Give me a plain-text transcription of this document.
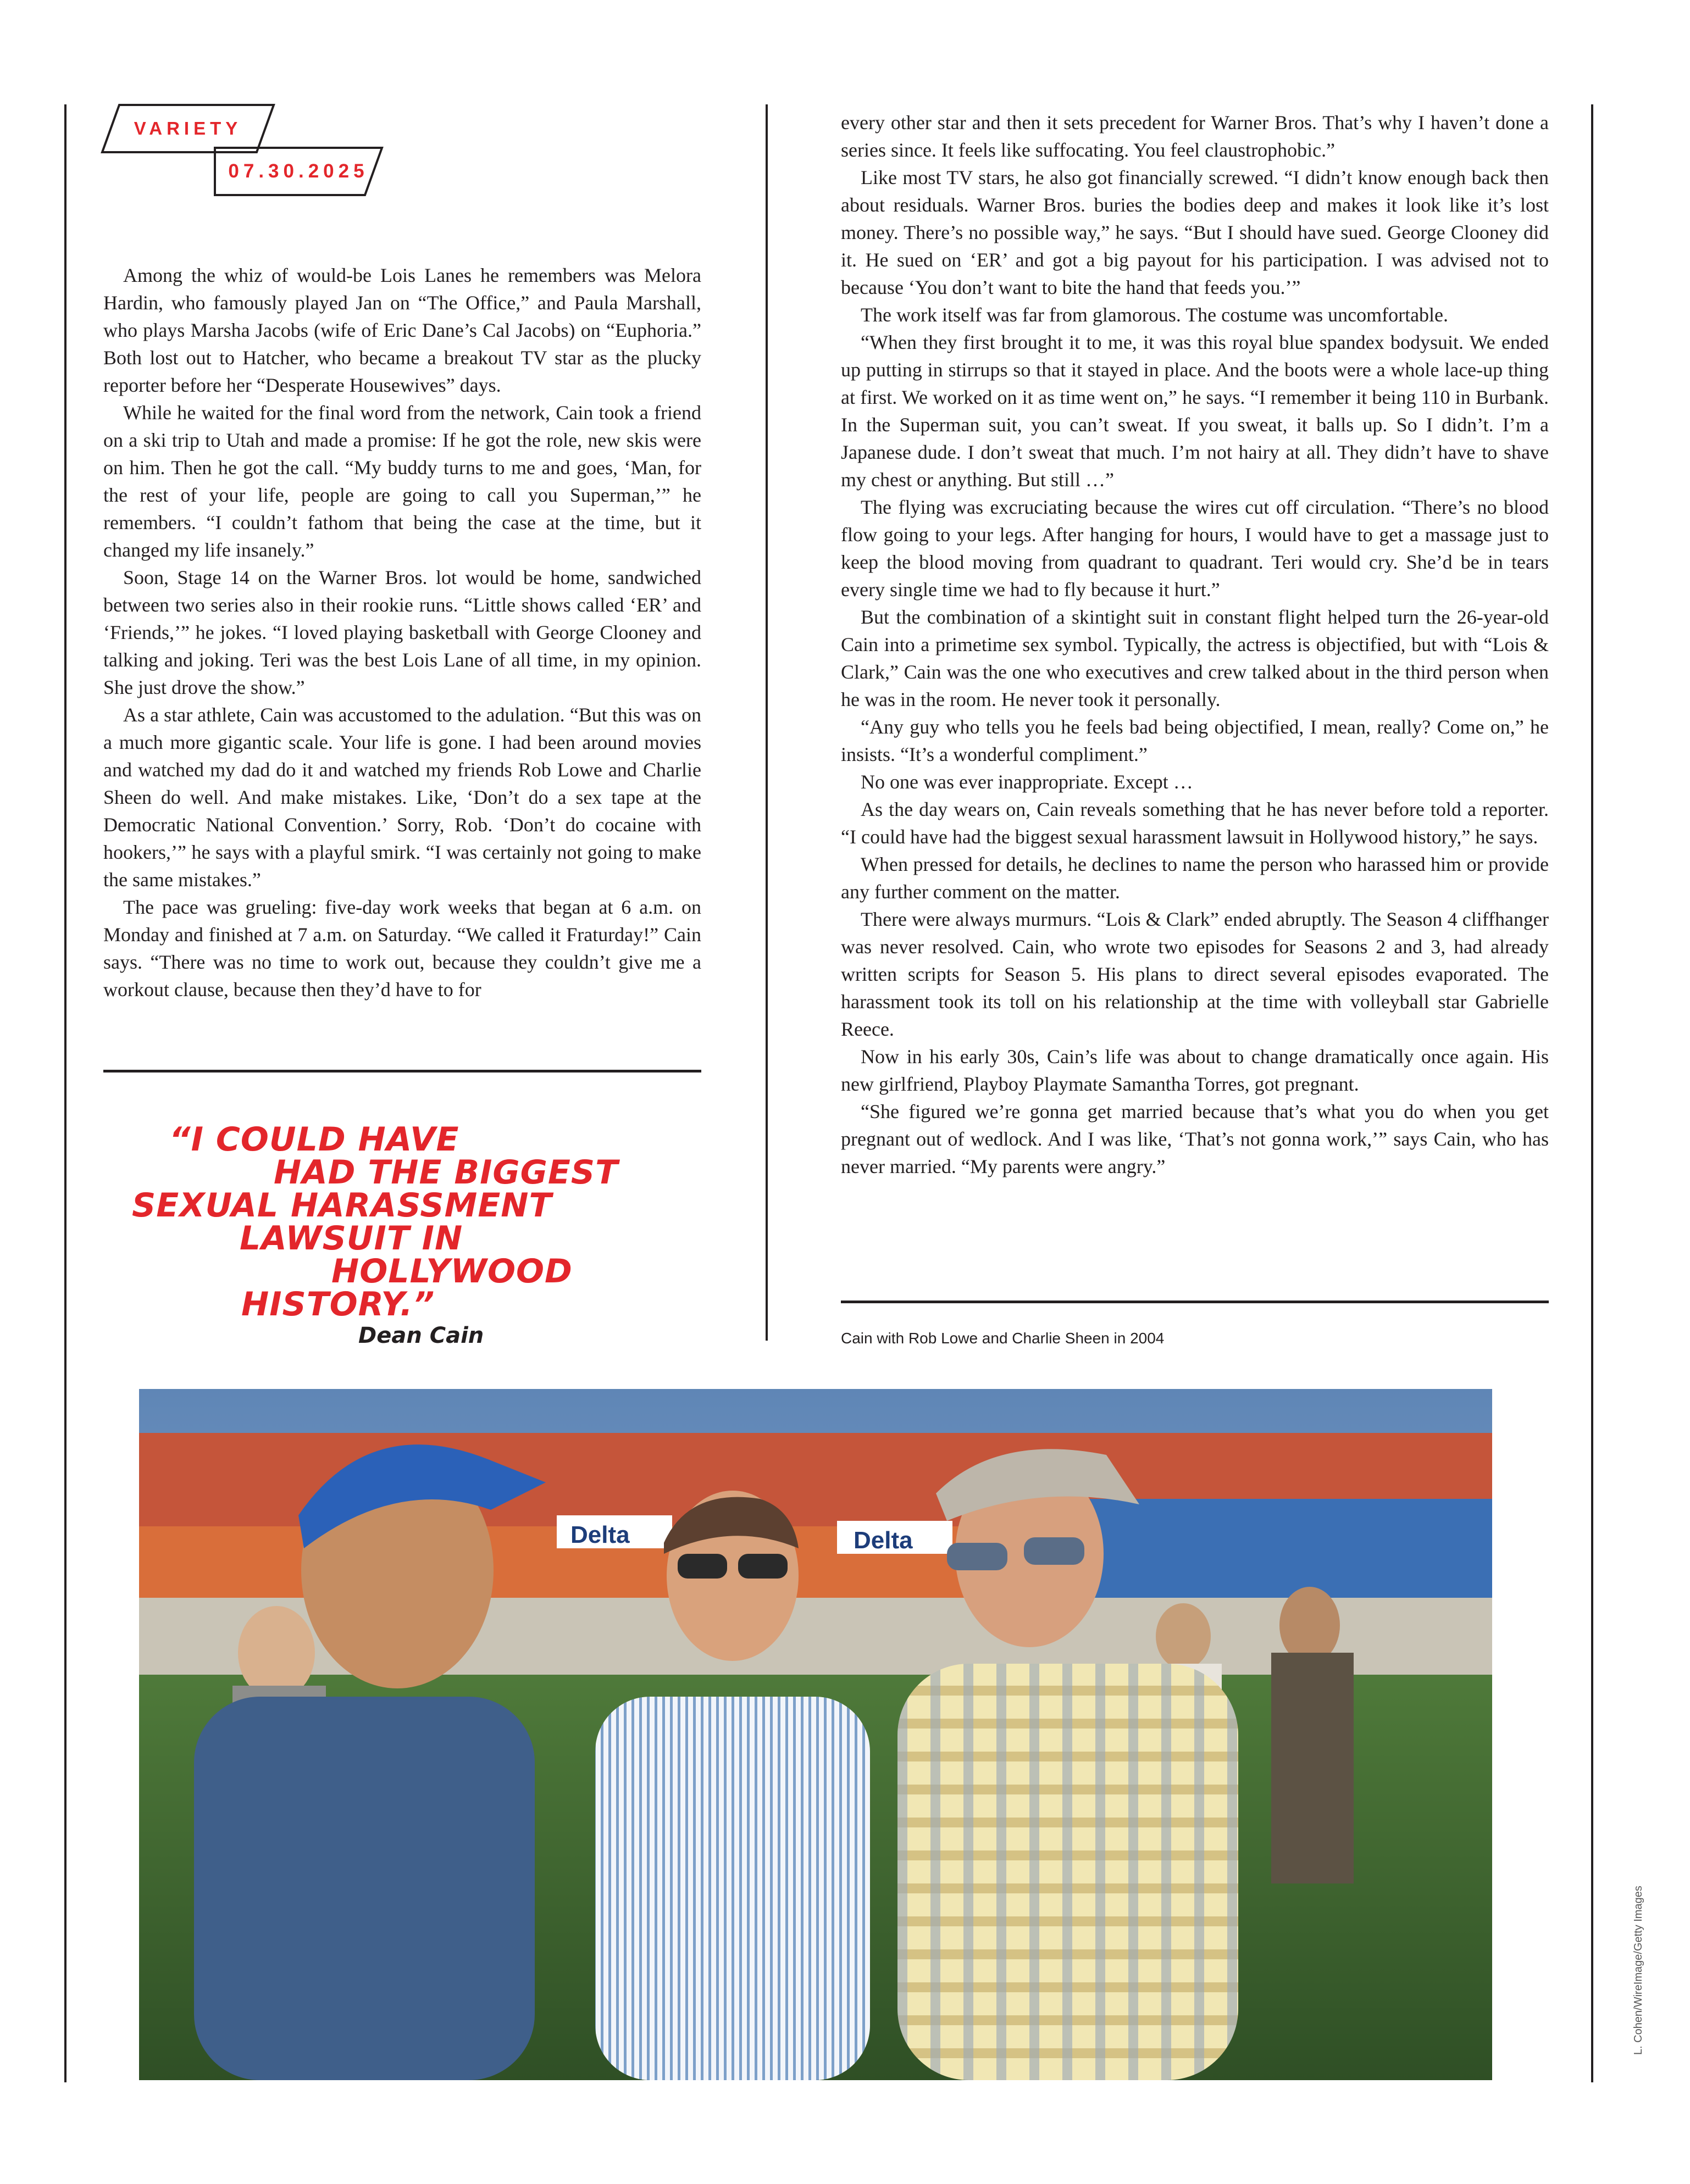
VARIETY
07.30.2025

Among the whiz of would-be Lois Lanes he remembers was Melora Hardin, who famously played Jan on “The Office,” and Paula Marshall, who plays Marsha Jacobs (wife of Eric Dane’s Cal Jacobs) on “Euphoria.” Both lost out to Hatcher, who became a breakout TV star as the plucky reporter before her “Desperate Housewives” days.

While he waited for the final word from the network, Cain took a friend on a ski trip to Utah and made a promise: If he got the role, new skis were on him. Then he got the call. “My buddy turns to me and goes, ‘Man, for the rest of your life, people are going to call you Superman,’” he remembers. “I couldn’t fathom that being the case at the time, but it changed my life insanely.”

Soon, Stage 14 on the Warner Bros. lot would be home, sandwiched between two series also in their rookie runs. “Little shows called ‘ER’ and ‘Friends,’” he jokes. “I loved playing basketball with George Clooney and talking and joking. Teri was the best Lois Lane of all time, in my opinion. She just drove the show.”

As a star athlete, Cain was accustomed to the adulation. “But this was on a much more gigantic scale. Your life is gone. I had been around movies and watched my dad do it and watched my friends Rob Lowe and Charlie Sheen do well. And make mistakes. Like, ‘Don’t do a sex tape at the Democratic National Convention.’ Sorry, Rob. ‘Don’t do cocaine with hookers,’” he says with a playful smirk. “I was certainly not going to make the same mistakes.”

The pace was grueling: five-day work weeks that began at 6 a.m. on Monday and finished at 7 a.m. on Saturday. “We called it Fraturday!” Cain says. “There was no time to work out, because they couldn’t give me a workout clause, because then they’d have to for

“I COULD HAVE
HAD THE BIGGEST
SEXUAL HARASSMENT
LAWSUIT IN
HOLLYWOOD
HISTORY.”
Dean Cain

every other star and then it sets precedent for Warner Bros. That’s why I haven’t done a series since. It feels like suffocating. You feel claustrophobic.”

Like most TV stars, he also got financially screwed. “I didn’t know enough back then about residuals. Warner Bros. buries the bodies deep and makes it look like it’s lost money. There’s no possible way,” he says. “But I should have sued. George Clooney did it. He sued on ‘ER’ and got a big payout for his participation. I was advised not to because ‘You don’t want to bite the hand that feeds you.’”

The work itself was far from glamorous. The costume was uncomfortable.

“When they first brought it to me, it was this royal blue spandex bodysuit. We ended up putting in stirrups so that it stayed in place. And the boots were a whole lace-up thing at first. We worked on it as time went on,” he says. “I remember it being 110 in Burbank. In the Superman suit, you can’t sweat. If you sweat, it balls up. So I didn’t. I’m a Japanese dude. I don’t sweat that much. I’m not hairy at all. They didn’t have to shave my chest or anything. But still …”

The flying was excruciating because the wires cut off circulation. “There’s no blood flow going to your legs. After hanging for hours, I would have to get a massage just to keep the blood moving from quadrant to quadrant. Teri would cry. She’d be in tears every single time we had to fly because it hurt.”

But the combination of a skintight suit in constant flight helped turn the 26-year-old Cain into a primetime sex symbol. Typically, the actress is objectified, but with “Lois & Clark,” Cain was the one who executives and crew talked about in the third person when he was in the room. He never took it personally.

“Any guy who tells you he feels bad being objectified, I mean, really? Come on,” he insists. “It’s a wonderful compliment.”

No one was ever inappropriate. Except …

As the day wears on, Cain reveals something that he has never before told a reporter. “I could have had the biggest sexual harassment lawsuit in Hollywood history,” he says.

When pressed for details, he declines to name the person who harassed him or provide any further comment on the matter.

There were always murmurs. “Lois & Clark” ended abruptly. The Season 4 cliffhanger was never resolved. Cain, who wrote two episodes for Seasons 2 and 3, had already written scripts for Season 5. His plans to direct several episodes evaporated. The harassment took its toll on his relationship at the time with volleyball star Gabrielle Reece.

Now in his early 30s, Cain’s life was about to change dramatically once again. His new girlfriend, Playboy Playmate Samantha Torres, got pregnant.

“She figured we’re gonna get married because that’s what you do when you get pregnant out of wedlock. And I was like, ‘That’s not gonna work,’” says Cain, who has never married. “My parents were angry.”

Cain with Rob Lowe and Charlie Sheen in 2004
Delta	Delta
L. Cohen/WireImage/Getty Images
